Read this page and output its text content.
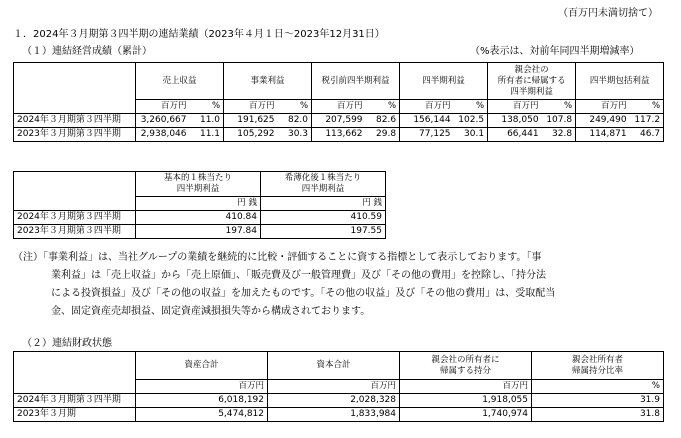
（百万円未満切捨て）
１．2024年３月期第３四半期の連結業績（2023年４月１日～2023年12月31日）
（１）連結経営成績（累計）	（%表示は、対前年同四半期増減率）
	売上収益		事業利益		税引前四半期利益		四半期利益		親会社の
所有者に帰属する
四半期利益		四半期包括利益	
	百万円	%	百万円	%	百万円	%	百万円	%	百万円	%	百万円	%
2024年３月期第３四半期	3,260,667	11.0	191,625	82.0	207,599	82.6	156,144	102.5	138,050	107.8	249,490	117.2
2023年３月期第３四半期	2,938,046	11.1	105,292	30.3	113,662	29.8	77,125	30.1	66,441	32.8	114,871	46.7
	基本的１株当たり
四半期利益	希薄化後１株当たり
四半期利益
	円 銭	円 銭
2024年３月期第３四半期	410.84	410.59
2023年３月期第３四半期	197.84	197.55
（注）「事業利益」は、当社グループの業績を継続的に比較・評価することに資する指標として表示しております。「事
業利益」は「売上収益」から「売上原価」、「販売費及び一般管理費」及び「その他の費用」を控除し、「持分法
による投資損益」及び「その他の収益」を加えたものです。「その他の収益」及び「その他の費用」は、受取配当
金、固定資産売却損益、固定資産減損損失等から構成されております。
（２）連結財政状態
	資産合計	資本合計	親会社の所有者に
帰属する持分	親会社所有者
帰属持分比率
	百万円	百万円	百万円	%
2024年３月期第３四半期	6,018,192	2,028,328	1,918,055	31.9
2023年３月期	5,474,812	1,833,984	1,740,974	31.8
